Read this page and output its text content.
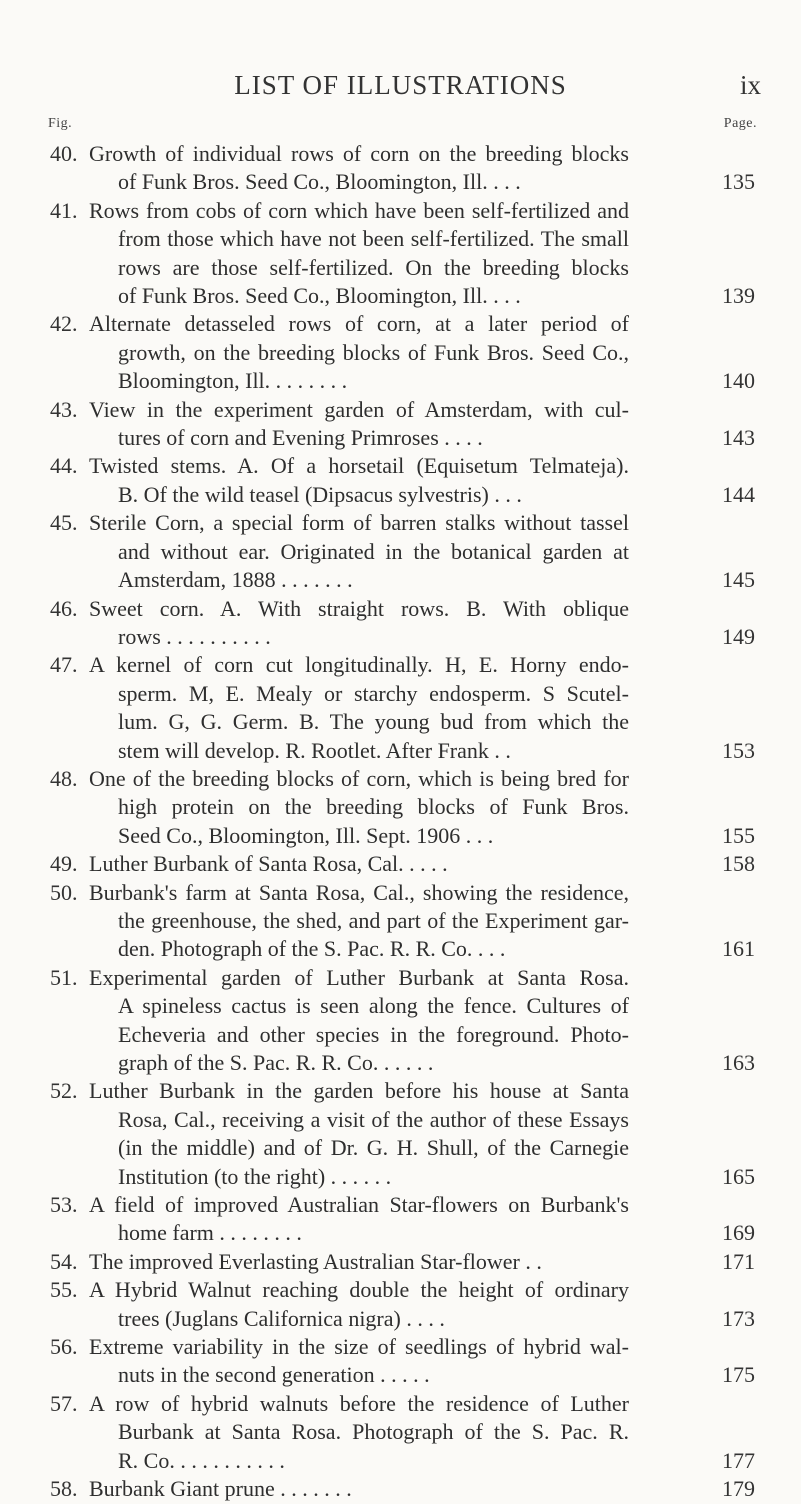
LIST OF ILLUSTRATIONS	ix
Fig.	Page.
40. Growth of individual rows of corn on the breeding blocks
of Funk Bros. Seed Co., Bloomington, Ill. . . .	135
41. Rows from cobs of corn which have been self-fertilized and
from those which have not been self-fertilized. The small
rows are those self-fertilized. On the breeding blocks
of Funk Bros. Seed Co., Bloomington, Ill. . . .	139
42. Alternate detasseled rows of corn, at a later period of
growth, on the breeding blocks of Funk Bros. Seed Co.,
Bloomington, Ill. . . . . . . .	140
43. View in the experiment garden of Amsterdam, with cul-
tures of corn and Evening Primroses . . . .	143
44. Twisted stems. A. Of a horsetail (Equisetum Telmateja).
B. Of the wild teasel (Dipsacus sylvestris) . . .	144
45. Sterile Corn, a special form of barren stalks without tassel
and without ear. Originated in the botanical garden at
Amsterdam, 1888 . . . . . . .	145
46. Sweet corn. A. With straight rows. B. With oblique
rows . . . . . . . . . .	149
47. A kernel of corn cut longitudinally. H, E. Horny endo-
sperm. M, E. Mealy or starchy endosperm. S Scutel-
lum. G, G. Germ. B. The young bud from which the
stem will develop. R. Rootlet. After Frank . .	153
48. One of the breeding blocks of corn, which is being bred for
high protein on the breeding blocks of Funk Bros.
Seed Co., Bloomington, Ill. Sept. 1906 . . .	155
49. Luther Burbank of Santa Rosa, Cal. . . . .	158
50. Burbank's farm at Santa Rosa, Cal., showing the residence,
the greenhouse, the shed, and part of the Experiment gar-
den. Photograph of the S. Pac. R. R. Co. . . .	161
51. Experimental garden of Luther Burbank at Santa Rosa.
A spineless cactus is seen along the fence. Cultures of
Echeveria and other species in the foreground. Photo-
graph of the S. Pac. R. R. Co. . . . . .	163
52. Luther Burbank in the garden before his house at Santa
Rosa, Cal., receiving a visit of the author of these Essays
(in the middle) and of Dr. G. H. Shull, of the Carnegie
Institution (to the right) . . . . . .	165
53. A field of improved Australian Star-flowers on Burbank's
home farm . . . . . . . .	169
54. The improved Everlasting Australian Star-flower . .	171
55. A Hybrid Walnut reaching double the height of ordinary
trees (Juglans Californica nigra) . . . .	173
56. Extreme variability in the size of seedlings of hybrid wal-
nuts in the second generation . . . . .	175
57. A row of hybrid walnuts before the residence of Luther
Burbank at Santa Rosa. Photograph of the S. Pac. R.
R. Co. . . . . . . . . . .	177
58. Burbank Giant prune . . . . . . .	179
